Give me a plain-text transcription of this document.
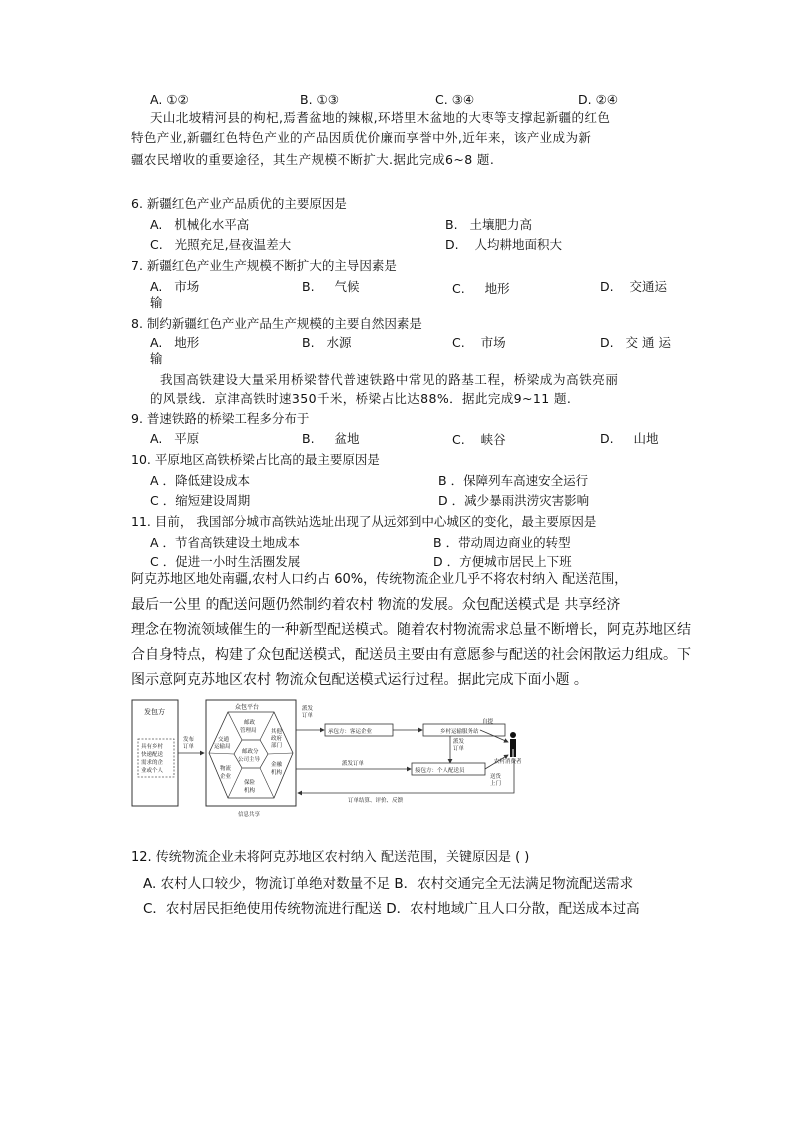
A. ①②	B. ①③	C. ③④	D. ②④
天山北坡精河县的枸杞,焉耆盆地的辣椒,环塔里木盆地的大枣等支撑起新疆的红色
特色产业,新疆红色特色产业的产品因质优价廉而享誉中外,近年来，该产业成为新
疆农民增收的重要途径，其生产规模不断扩大.据此完成6~8 题.
6. 新疆红色产业产品质优的主要原因是
A. 机械化水平高	B. 土壤肥力高
C. 光照充足,昼夜温差大	D. 人均耕地面积大
7. 新疆红色产业生产规模不断扩大的主导因素是
A. 市场	B. 气候	C. 地形	D. 交通运
输
8. 制约新疆红色产业产品生产规模的主要自然因素是
A. 地形	B. 水源	C. 市场	D. 交通运
输
我国高铁建设大量采用桥梁替代普速铁路中常见的路基工程，桥梁成为高铁亮丽
的风景线．京津高铁时速350千米，桥梁占比达88%．据此完成9~11 题.
9. 普速铁路的桥梁工程多分布于
A. 平原	B. 盆地	C. 峡谷	D. 山地
10. 平原地区高铁桥梁占比高的最主要原因是
A ．降低建设成本	B ．保障列车高速安全运行
C ．缩短建设周期	D ．减少暴雨洪涝灾害影响
11. 目前， 我国部分城市高铁站选址出现了从远郊到中心城区的变化，最主要原因是
A ．节省高铁建设土地成本	B ．带动周边商业的转型
C ．促进一小时生活圈发展	D ．方便城市居民上下班
阿克苏地区地处南疆,农村人口约占 60%，传统物流企业几乎不将农村纳入 配送范围，
最后一公里 的配送问题仍然制约着农村 物流的发展。众包配送模式是 共享经济
理念在物流领域催生的一种新型配送模式。随着农村物流需求总量不断增长，阿克苏地区结
合自身特点，构建了众包配送模式，配送员主要由有意愿参与配送的社会闲散运力组成。下
图示意阿克苏地区农村 物流众包配送模式运行过程。据此完成下面小题 。
发包方
具有乡村
快递配送
需求的企
业或个人
发布
订单
众包平台
邮政分
公司主导
邮政
管理局	其他
政府
部门
金融
机构
保险
机构
物流
企业
交通
运输局
派发
订单
承包方：客运企业	乡村运输服务站
自提
派发
订单
农村消费者
派发订单
接包方：个人配送员
送货
上门
订单结算、评价、反馈
信息共享
12. 传统物流企业未将阿克苏地区农村纳入 配送范围，关键原因是 ( )
A. 农村人口较少，物流订单绝对数量不足 B．农村交通完全无法满足物流配送需求
C．农村居民拒绝使用传统物流进行配送 D．农村地域广且人口分散，配送成本过高
